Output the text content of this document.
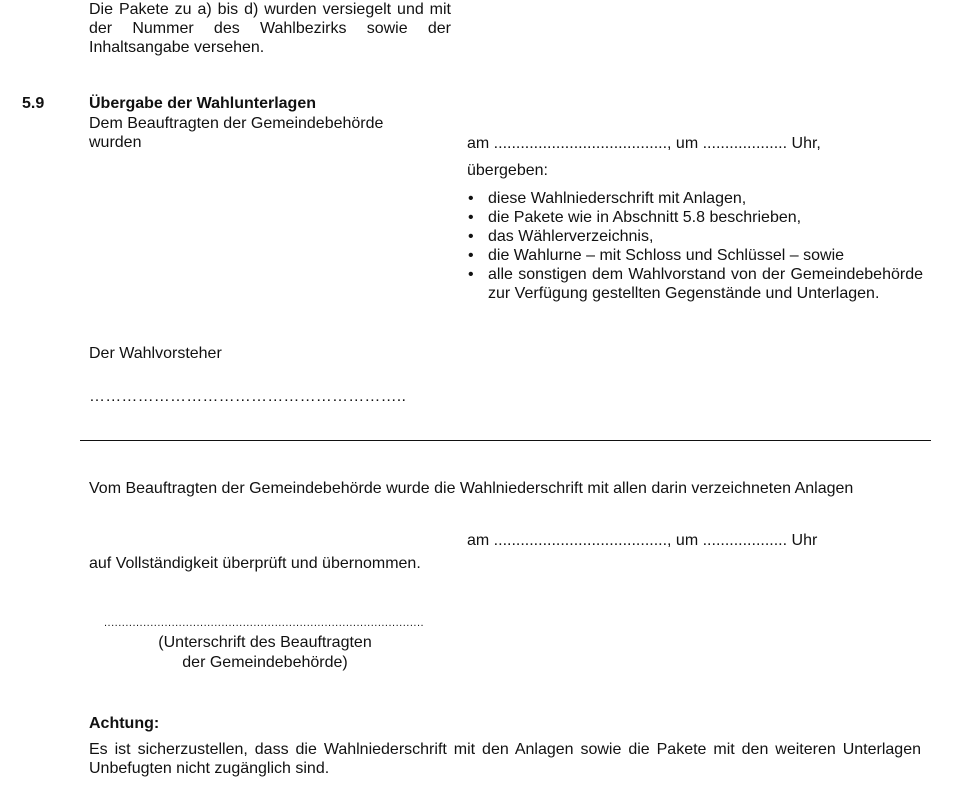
Die Pakete zu a) bis d) wurden versiegelt und mit der Nummer des Wahlbezirks sowie der Inhaltsangabe versehen.
5.9	Übergabe der Wahlunterlagen
Dem Beauftragten der Gemeindebehörde
wurden	am ......................................., um ................... Uhr,
übergeben:
• diese Wahlniederschrift mit Anlagen,
• die Pakete wie in Abschnitt 5.8 beschrieben,
• das Wählerverzeichnis,
• die Wahlurne – mit Schloss und Schlüssel – sowie
• alle sonstigen dem Wahlvorstand von der Gemeindebehörde zur Verfügung gestellten Gegenstände und Unterlagen.
Der Wahlvorsteher
…………………………………………………..
Vom Beauftragten der Gemeindebehörde wurde die Wahlniederschrift mit allen darin verzeichneten Anlagen
am ......................................., um ................... Uhr
auf Vollständigkeit überprüft und übernommen.
..........................................................................................
(Unterschrift des Beauftragten
der Gemeindebehörde)
Achtung:
Es ist sicherzustellen, dass die Wahlniederschrift mit den Anlagen sowie die Pakete mit den weiteren Unterlagen Unbefugten nicht zugänglich sind.
